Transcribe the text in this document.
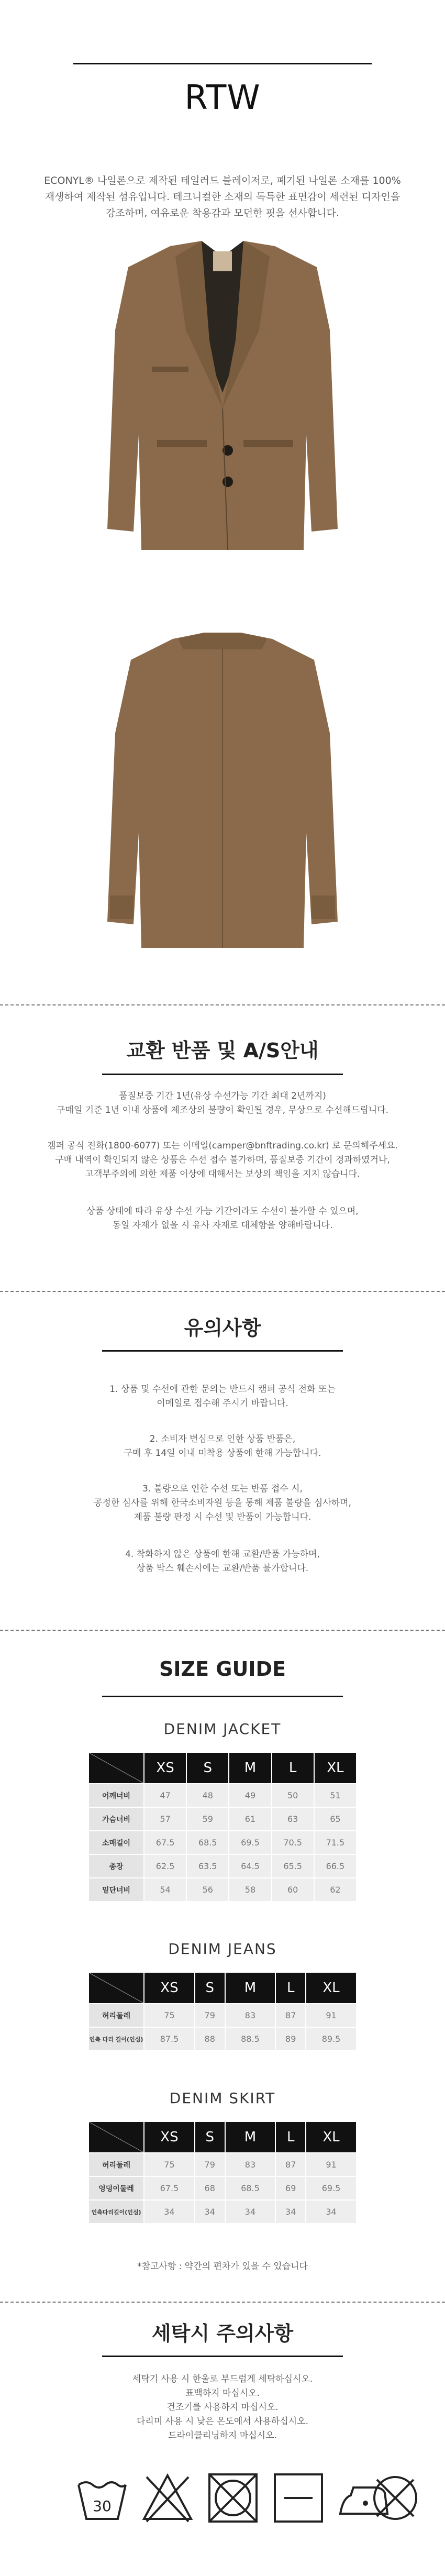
RTW
ECONYL® 나일론으로 제작된 테일러드 블레이저로, 폐기된 나일론 소재를 100%
재생하여 제작된 섬유입니다. 테크니컬한 소재의 독특한 표면감이 세련된 디자인을
강조하며, 여유로운 착용감과 모던한 핏을 선사합니다.
교환 반품 및 A/S안내
품질보증 기간 1년(유상 수선가능 기간 최대 2년까지)
구매일 기준 1년 이내 상품에 제조상의 불량이 확인될 경우, 무상으로 수선해드립니다.
캠퍼 공식 전화(1800-6077) 또는 이메일(camper@bnftrading.co.kr) 로 문의해주세요.
구매 내역이 확인되지 않은 상품은 수선 접수 불가하며, 품질보증 기간이 경과하였거나,
고객부주의에 의한 제품 이상에 대해서는 보상의 책임을 지지 않습니다.
상품 상태에 따라 유상 수선 가능 기간이라도 수선이 불가할 수 있으며,
동일 자재가 없을 시 유사 자재로 대체함을 양해바랍니다.
유의사항
1. 상품 및 수선에 관한 문의는 반드시 캠퍼 공식 전화 또는
이메일로 접수해 주시기 바랍니다.
2. 소비자 변심으로 인한 상품 반품은,
구매 후 14일 이내 미착용 상품에 한해 가능합니다.
3. 불량으로 인한 수선 또는 반품 접수 시,
공정한 심사를 위해 한국소비자원 등을 통해 제품 불량을 심사하며,
제품 불량 판정 시 수선 및 반품이 가능합니다.
4. 착화하지 않은 상품에 한해 교환/반품 가능하며,
상품 박스 훼손시에는 교환/반품 불가합니다.
SIZE GUIDE
DENIM JACKET
	XS	S	M	L	XL
어깨너비	47	48	49	50	51
가슴너비	57	59	61	63	65
소매길이	67.5	68.5	69.5	70.5	71.5
총장	62.5	63.5	64.5	65.5	66.5
밑단너비	54	56	58	60	62
DENIM JEANS
	XS	S	M	L	XL
허리둘레	75	79	83	87	91
인측 다리 길이(인심)	87.5	88	88.5	89	89.5
DENIM SKIRT
	XS	S	M	L	XL
허리둘레	75	79	83	87	91
엉덩이둘레	67.5	68	68.5	69	69.5
인측다리길이(인심)	34	34	34	34	34
*참고사항 : 약간의 편차가 있을 수 있습니다
세탁시 주의사항
세탁기 사용 시 한울로 부드럽게 세탁하십시오.
표백하지 마십시오.
건조기를 사용하지 마십시오.
다리미 사용 시 낮은 온도에서 사용하십시오.
드라이클리닝하지 마십시오.
30
